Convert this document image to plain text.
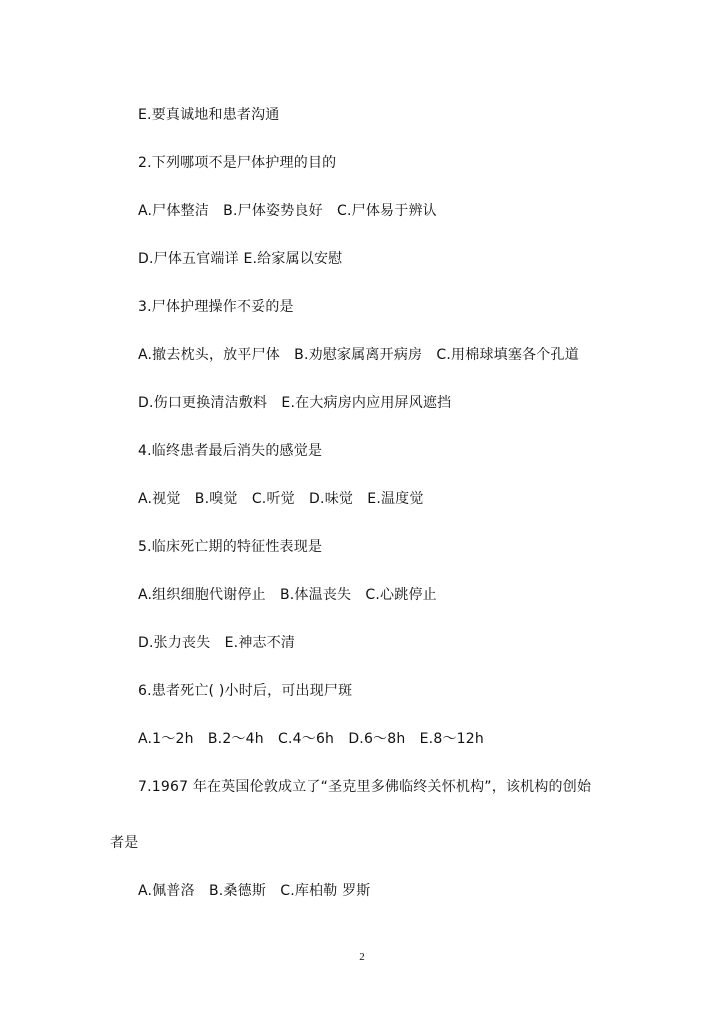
E.要真诚地和患者沟通
2.下列哪项不是尸体护理的目的
A.尸体整洁　B.尸体姿势良好　C.尸体易于辨认
D.尸体五官端详 E.给家属以安慰
3.尸体护理操作不妥的是
A.撤去枕头，放平尸体　B.劝慰家属离开病房　C.用棉球填塞各个孔道
D.伤口更换清洁敷料　E.在大病房内应用屏风遮挡
4.临终患者最后消失的感觉是
A.视觉　B.嗅觉　C.听觉　D.味觉　E.温度觉
5.临床死亡期的特征性表现是
A.组织细胞代谢停止　B.体温丧失　C.心跳停止
D.张力丧失　E.神志不清
6.患者死亡( )小时后，可出现尸斑
A.1～2h　B.2～4h　C.4～6h　D.6～8h　E.8～12h
7.1967 年在英国伦敦成立了“圣克里多佛临终关怀机构”，该机构的创始
者是
A.佩普洛　B.桑德斯　C.库柏勒 罗斯
2
